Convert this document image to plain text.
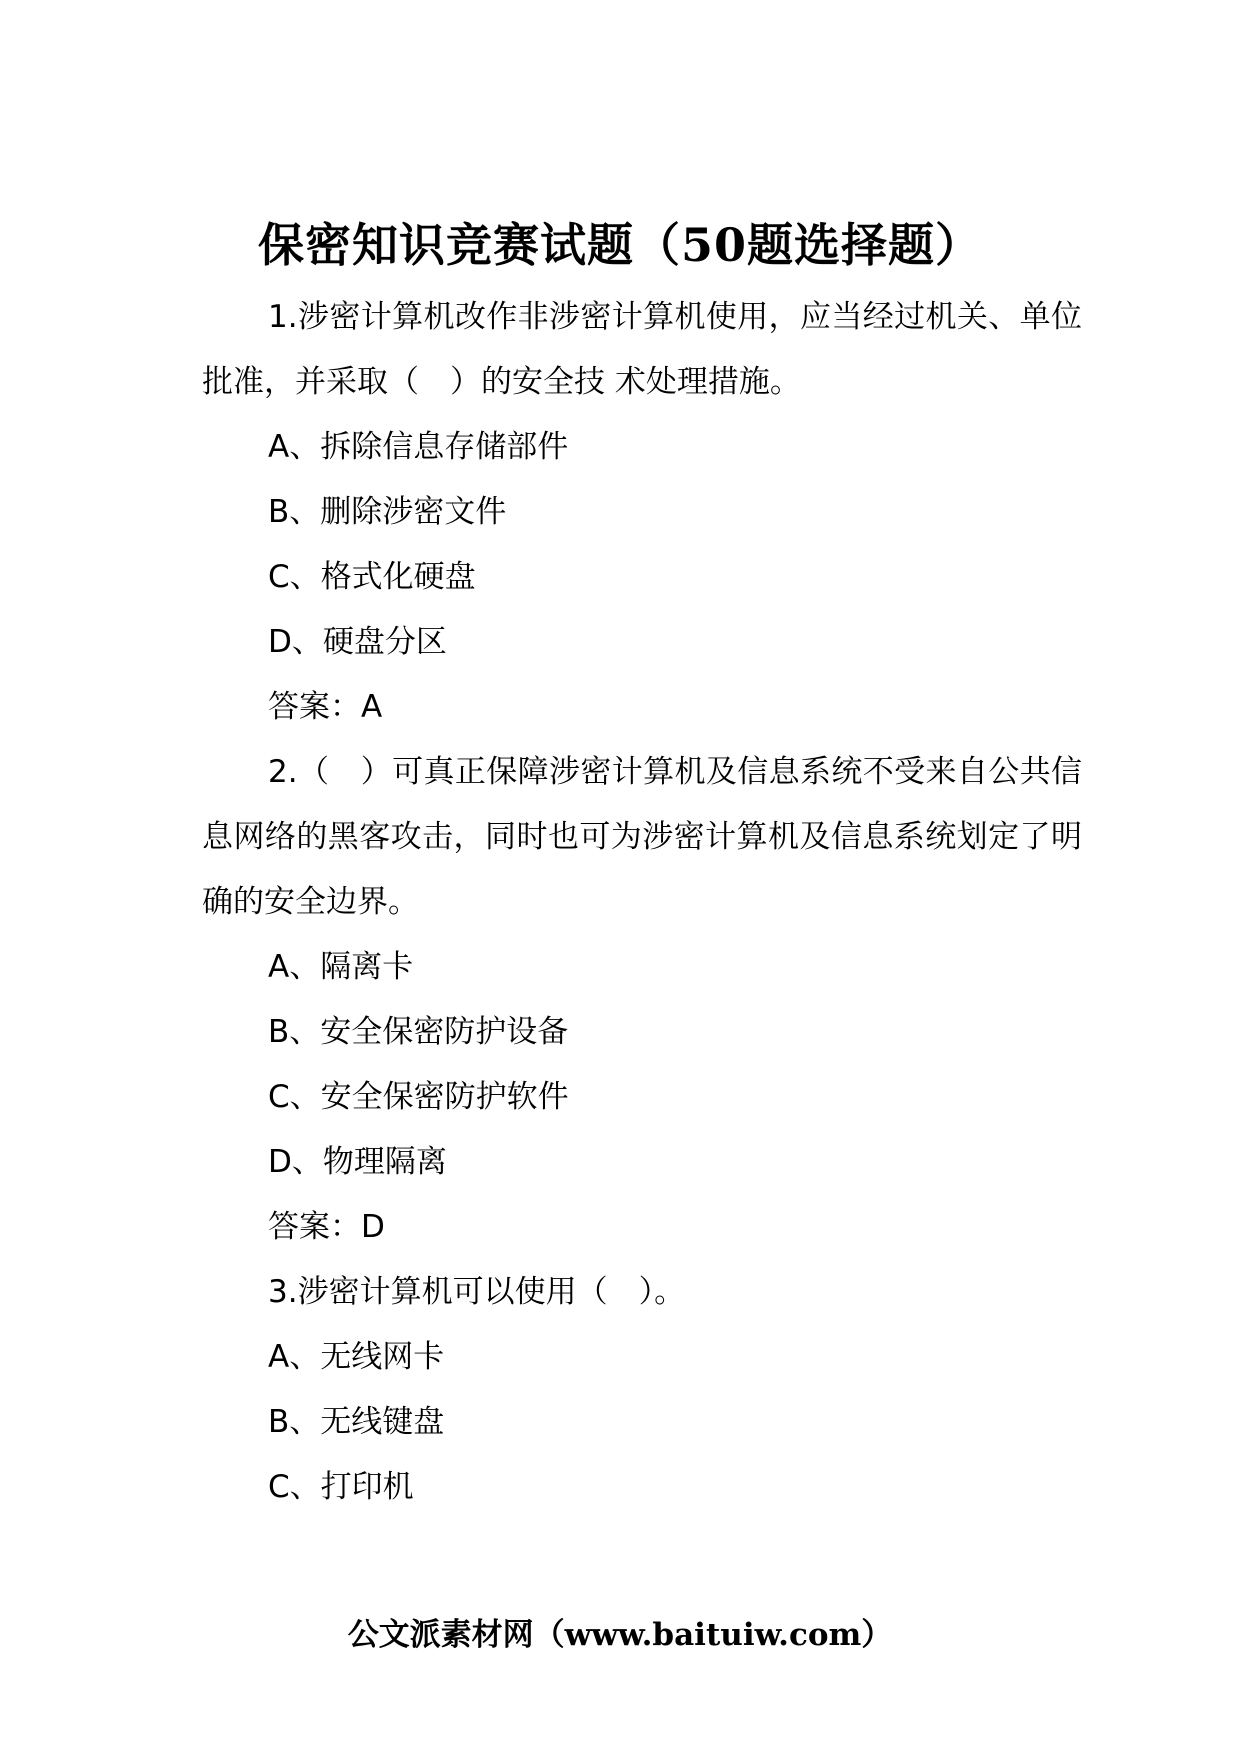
保密知识竞赛试题（50题选择题）

1.涉密计算机改作非涉密计算机使用，应当经过机关、单位批准，并采取（　）的安全技 术处理措施。

A、拆除信息存储部件

B、删除涉密文件

C、格式化硬盘

D、硬盘分区

答案：A

2.（　）可真正保障涉密计算机及信息系统不受来自公共信息网络的黑客攻击，同时也可为涉密计算机及信息系统划定了明确的安全边界。

A、隔离卡

B、安全保密防护设备

C、安全保密防护软件

D、物理隔离

答案：D

3.涉密计算机可以使用（　）。

A、无线网卡

B、无线键盘

C、打印机

公文派素材网（www.baituiw.com）
